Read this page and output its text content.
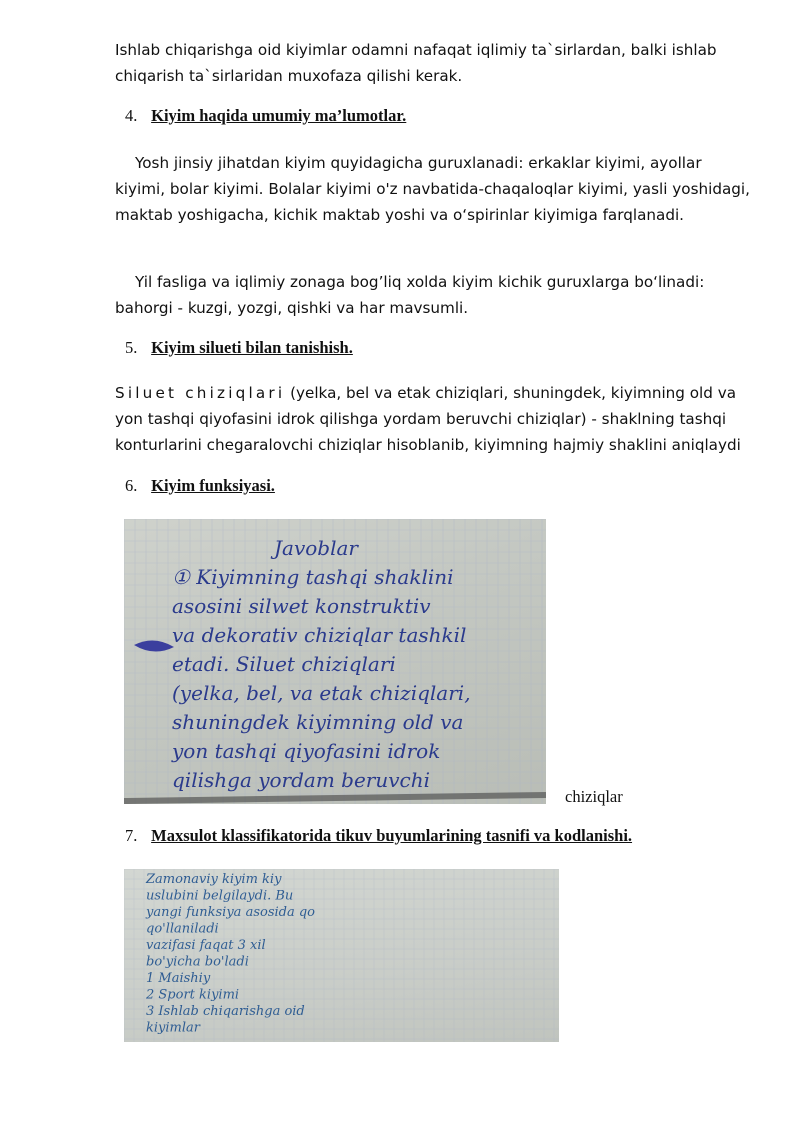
Ishlab chiqarishga oid kiyimlar odamni nafaqat iqlimiy ta`sirlardan, balki ishlab chiqarish ta`sirlaridan muxofaza qilishi kerak.

4. Kiyim haqida umumiy ma’lumotlar.

Yosh jinsiy jihatdan kiyim quyidagicha guruxlanadi: erkaklar kiyimi, ayollar kiyimi, bolar kiyimi. Bolalar kiyimi o'z navbatida-chaqaloqlar kiyimi, yasli yoshidagi, maktab yoshigacha, kichik maktab yoshi va o‘spirinlar kiyimiga farqlanadi.

Yil fasliga va iqlimiy zonaga bog’liq xolda kiyim kichik guruxlarga bo‘linadi: bahorgi - kuzgi, yozgi, qishki va har mavsumli.

5. Kiyim silueti bilan tanishish.

Siluet chiziqlari (yelka, bel va etak chiziqlari, shuningdek, kiyimning old va yon tashqi qiyofasini idrok qilishga yordam beruvchi chiziqlar) - shaklning tashqi konturlarini chegaralovchi chiziqlar hisoblanib, kiyimning hajmiy shaklini aniqlaydi

6. Kiyim funksiyasi.
Javoblar
① Kiyimning tashqi shaklini
asosini silwet konstruktiv
va dekorativ chiziqlar tashkil
etadi. Siluet chiziqlari
(yelka, bel, va etak chiziqlari,
shuningdek kiyimning old va
yon tashqi qiyofasini idrok
qilishga yordam beruvchi
chiziqlar
7. Maxsulot klassifikatorida tikuv buyumlarining tasnifi va kodlanishi.
Zamonaviy kiyim kiy
uslubini belgilaydi. Bu
yangi funksiya asosida qo
qo'llaniladi
vazifasi faqat 3 xil
bo'yicha bo'ladi
1 Maishiy
2 Sport kiyimi
3 Ishlab chiqarishga oid
kiyimlar
